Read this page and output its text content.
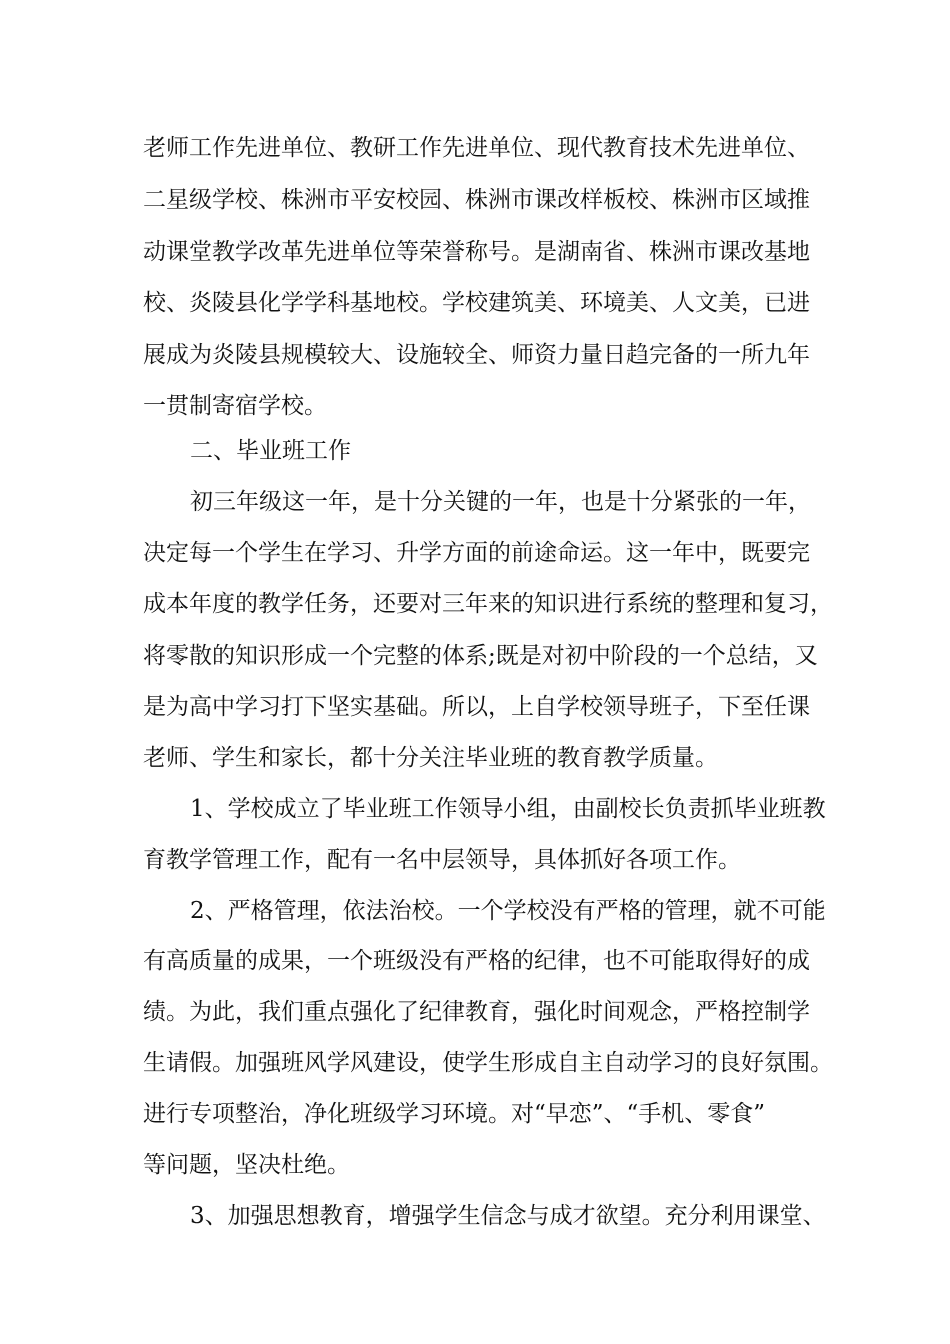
老师工作先进单位、教研工作先进单位、现代教育技术先进单位、
二星级学校、株洲市平安校园、株洲市课改样板校、株洲市区域推
动课堂教学改革先进单位等荣誉称号。是湖南省、株洲市课改基地
校、炎陵县化学学科基地校。学校建筑美、环境美、人文美，已进
展成为炎陵县规模较大、设施较全、师资力量日趋完备的一所九年
一贯制寄宿学校。
二、毕业班工作
初三年级这一年，是十分关键的一年，也是十分紧张的一年，
决定每一个学生在学习、升学方面的前途命运。这一年中，既要完
成本年度的教学任务，还要对三年来的知识进行系统的整理和复习，
将零散的知识形成一个完整的体系;既是对初中阶段的一个总结，又
是为高中学习打下坚实基础。所以，上自学校领导班子，下至任课
老师、学生和家长，都十分关注毕业班的教育教学质量。
1、学校成立了毕业班工作领导小组，由副校长负责抓毕业班教
育教学管理工作，配有一名中层领导，具体抓好各项工作。
2、严格管理，依法治校。一个学校没有严格的管理，就不可能
有高质量的成果，一个班级没有严格的纪律，也不可能取得好的成
绩。为此，我们重点强化了纪律教育，强化时间观念，严格控制学
生请假。加强班风学风建设，使学生形成自主自动学习的良好氛围。
进行专项整治，净化班级学习环境。对“早恋”、“手机、零食”
等问题，坚决杜绝。
3、加强思想教育，增强学生信念与成才欲望。充分利用课堂、
